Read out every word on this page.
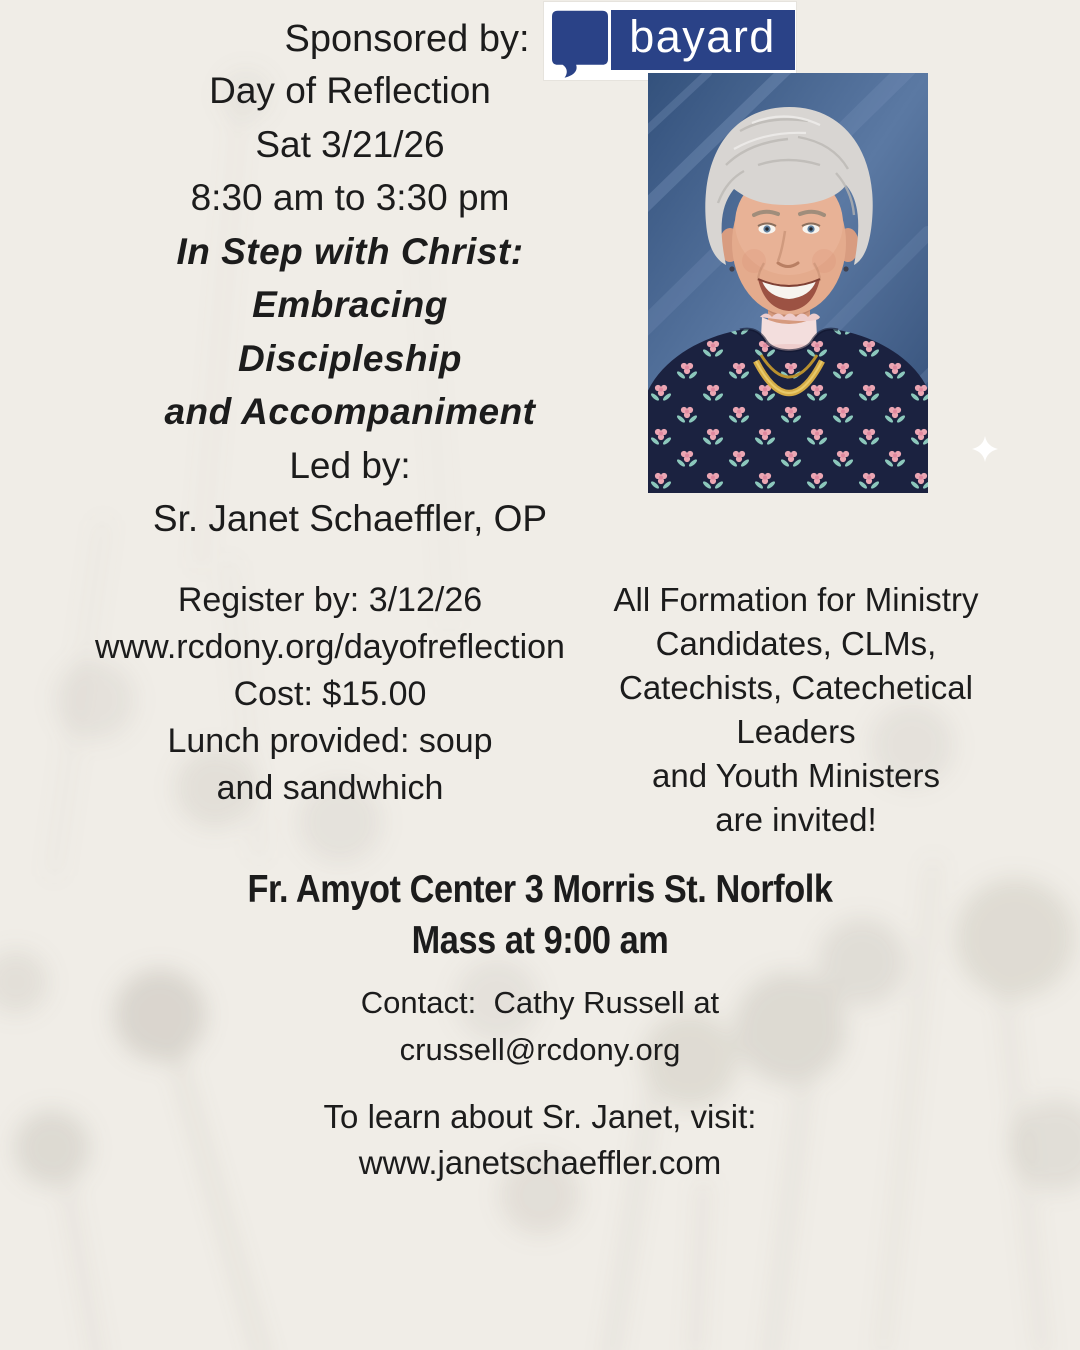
Day of Reflection
Sat 3/21/26
8:30 am to 3:30 pm
In Step with Christ:
Embracing
Discipleship
and Accompaniment
Led by:
Sr. Janet Schaeffler, OP
Register by: 3/12/26
www.rcdony.org/dayofreflection
Cost: $15.00
Lunch provided: soup
and sandwhich
All Formation for Ministry
Candidates, CLMs,
Catechists, Catechetical
Leaders
and Youth Ministers
are invited!
Fr. Amyot Center 3 Morris St. Norfolk
Mass at 9:00 am
Contact:  Cathy Russell at
crussell@rcdony.org
To learn about Sr. Janet, visit:
www.janetschaeffler.com
Sponsored by:	bayard
